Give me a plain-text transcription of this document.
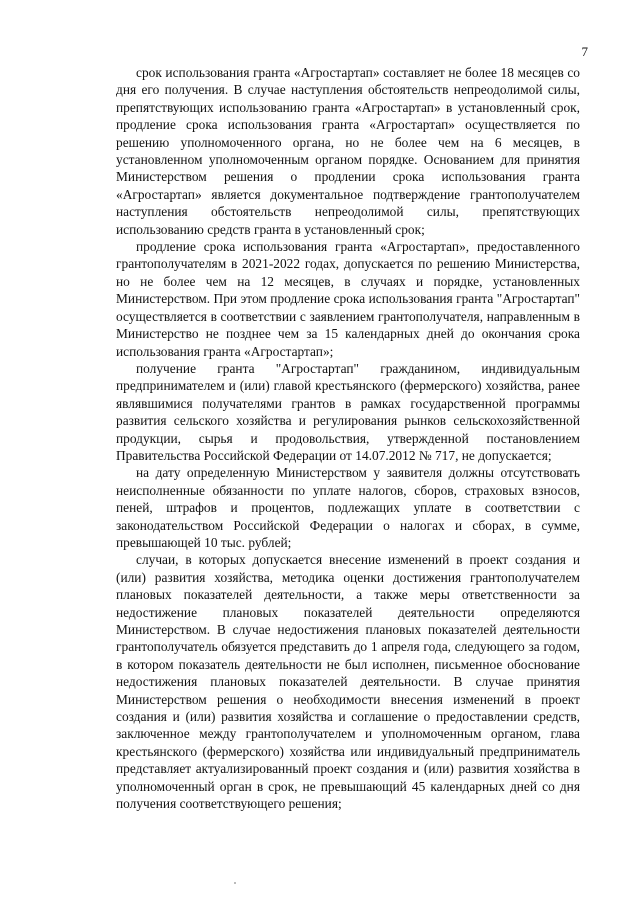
7

срок использования гранта «Агростартап» составляет не более 18 месяцев со дня его получения. В случае наступления обстоятельств непреодолимой силы, препятствующих использованию гранта «Агростартап» в установленный срок, продление срока использования гранта «Агростартап» осуществляется по решению уполномоченного органа, но не более чем на 6 месяцев, в установленном уполномоченным органом порядке. Основанием для принятия Министерством решения о продлении срока использования гранта «Агростартап» является документальное подтверждение грантополучателем наступления обстоятельств непреодолимой силы, препятствующих использованию средств гранта в установленный срок;

продление срока использования гранта «Агростартап», предоставленного грантополучателям в 2021-2022 годах, допускается по решению Министерства, но не более чем на 12 месяцев, в случаях и порядке, установленных Министерством. При этом продление срока использования гранта "Агростартап" осуществляется в соответствии с заявлением грантополучателя, направленным в Министерство не позднее чем за 15 календарных дней до окончания срока использования гранта «Агростартап»;

получение гранта "Агростартап" гражданином, индивидуальным предпринимателем и (или) главой крестьянского (фермерского) хозяйства, ранее являвшимися получателями грантов в рамках государственной программы развития сельского хозяйства и регулирования рынков сельскохозяйственной продукции, сырья и продовольствия, утвержденной постановлением Правительства Российской Федерации от 14.07.2012 № 717, не допускается;

на дату определенную Министерством у заявителя должны отсутствовать неисполненные обязанности по уплате налогов, сборов, страховых взносов, пеней, штрафов и процентов, подлежащих уплате в соответствии с законодательством Российской Федерации о налогах и сборах, в сумме, превышающей 10 тыс. рублей;

случаи, в которых допускается внесение изменений в проект создания и (или) развития хозяйства, методика оценки достижения грантополучателем плановых показателей деятельности, а также меры ответственности за недостижение плановых показателей деятельности определяются Министерством. В случае недостижения плановых показателей деятельности грантополучатель обязуется представить до 1 апреля года, следующего за годом, в котором показатель деятельности не был исполнен, письменное обоснование недостижения плановых показателей деятельности. В случае принятия Министерством решения о необходимости внесения изменений в проект создания и (или) развития хозяйства и соглашение о предоставлении средств, заключенное между грантополучателем и уполномоченным органом, глава крестьянского (фермерского) хозяйства или индивидуальный предприниматель представляет актуализированный проект создания и (или) развития хозяйства в уполномоченный орган в срок, не превышающий 45 календарных дней со дня получения соответствующего решения;
